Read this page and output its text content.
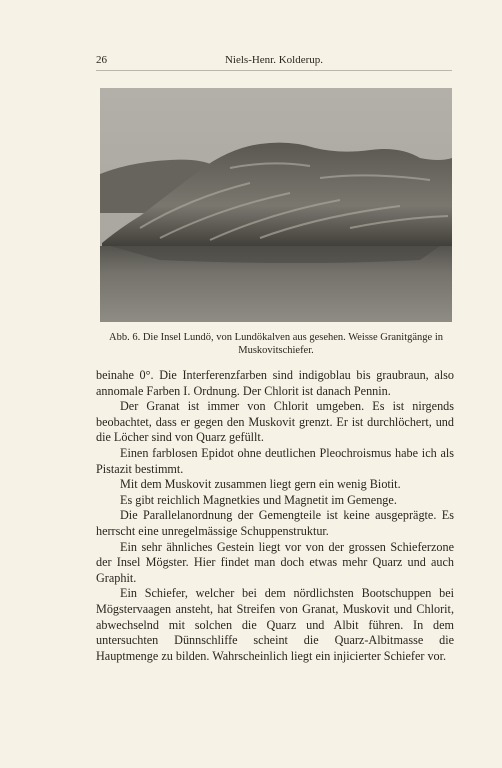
26	Niels-Henr. Kolderup.
Abb. 6. Die Insel Lundö, von Lundökalven aus gesehen. Weisse Granitgänge in Muskovitschiefer.

beinahe 0°. Die Interferenzfarben sind indigoblau bis graubraun, also annomale Farben I. Ordnung. Der Chlorit ist danach Pennin.

Der Granat ist immer von Chlorit umgeben. Es ist nirgends beobachtet, dass er gegen den Muskovit grenzt. Er ist durchlöchert, und die Löcher sind von Quarz gefüllt.

Einen farblosen Epidot ohne deutlichen Pleochroismus habe ich als Pistazit bestimmt.

Mit dem Muskovit zusammen liegt gern ein wenig Biotit.

Es gibt reichlich Magnetkies und Magnetit im Gemenge.

Die Parallelanordnung der Gemengteile ist keine ausgeprägte. Es herrscht eine unregelmässige Schuppenstruktur.

Ein sehr ähnliches Gestein liegt vor von der grossen Schieferzone der Insel Mögster. Hier findet man doch etwas mehr Quarz und auch Graphit.

Ein Schiefer, welcher bei dem nördlichsten Bootschuppen bei Mögstervaagen ansteht, hat Streifen von Granat, Muskovit und Chlorit, abwechselnd mit solchen die Quarz und Albit führen. In dem untersuchten Dünnschliffe scheint die Quarz-Albitmasse die Hauptmenge zu bilden. Wahrscheinlich liegt ein injicierter Schiefer vor.
